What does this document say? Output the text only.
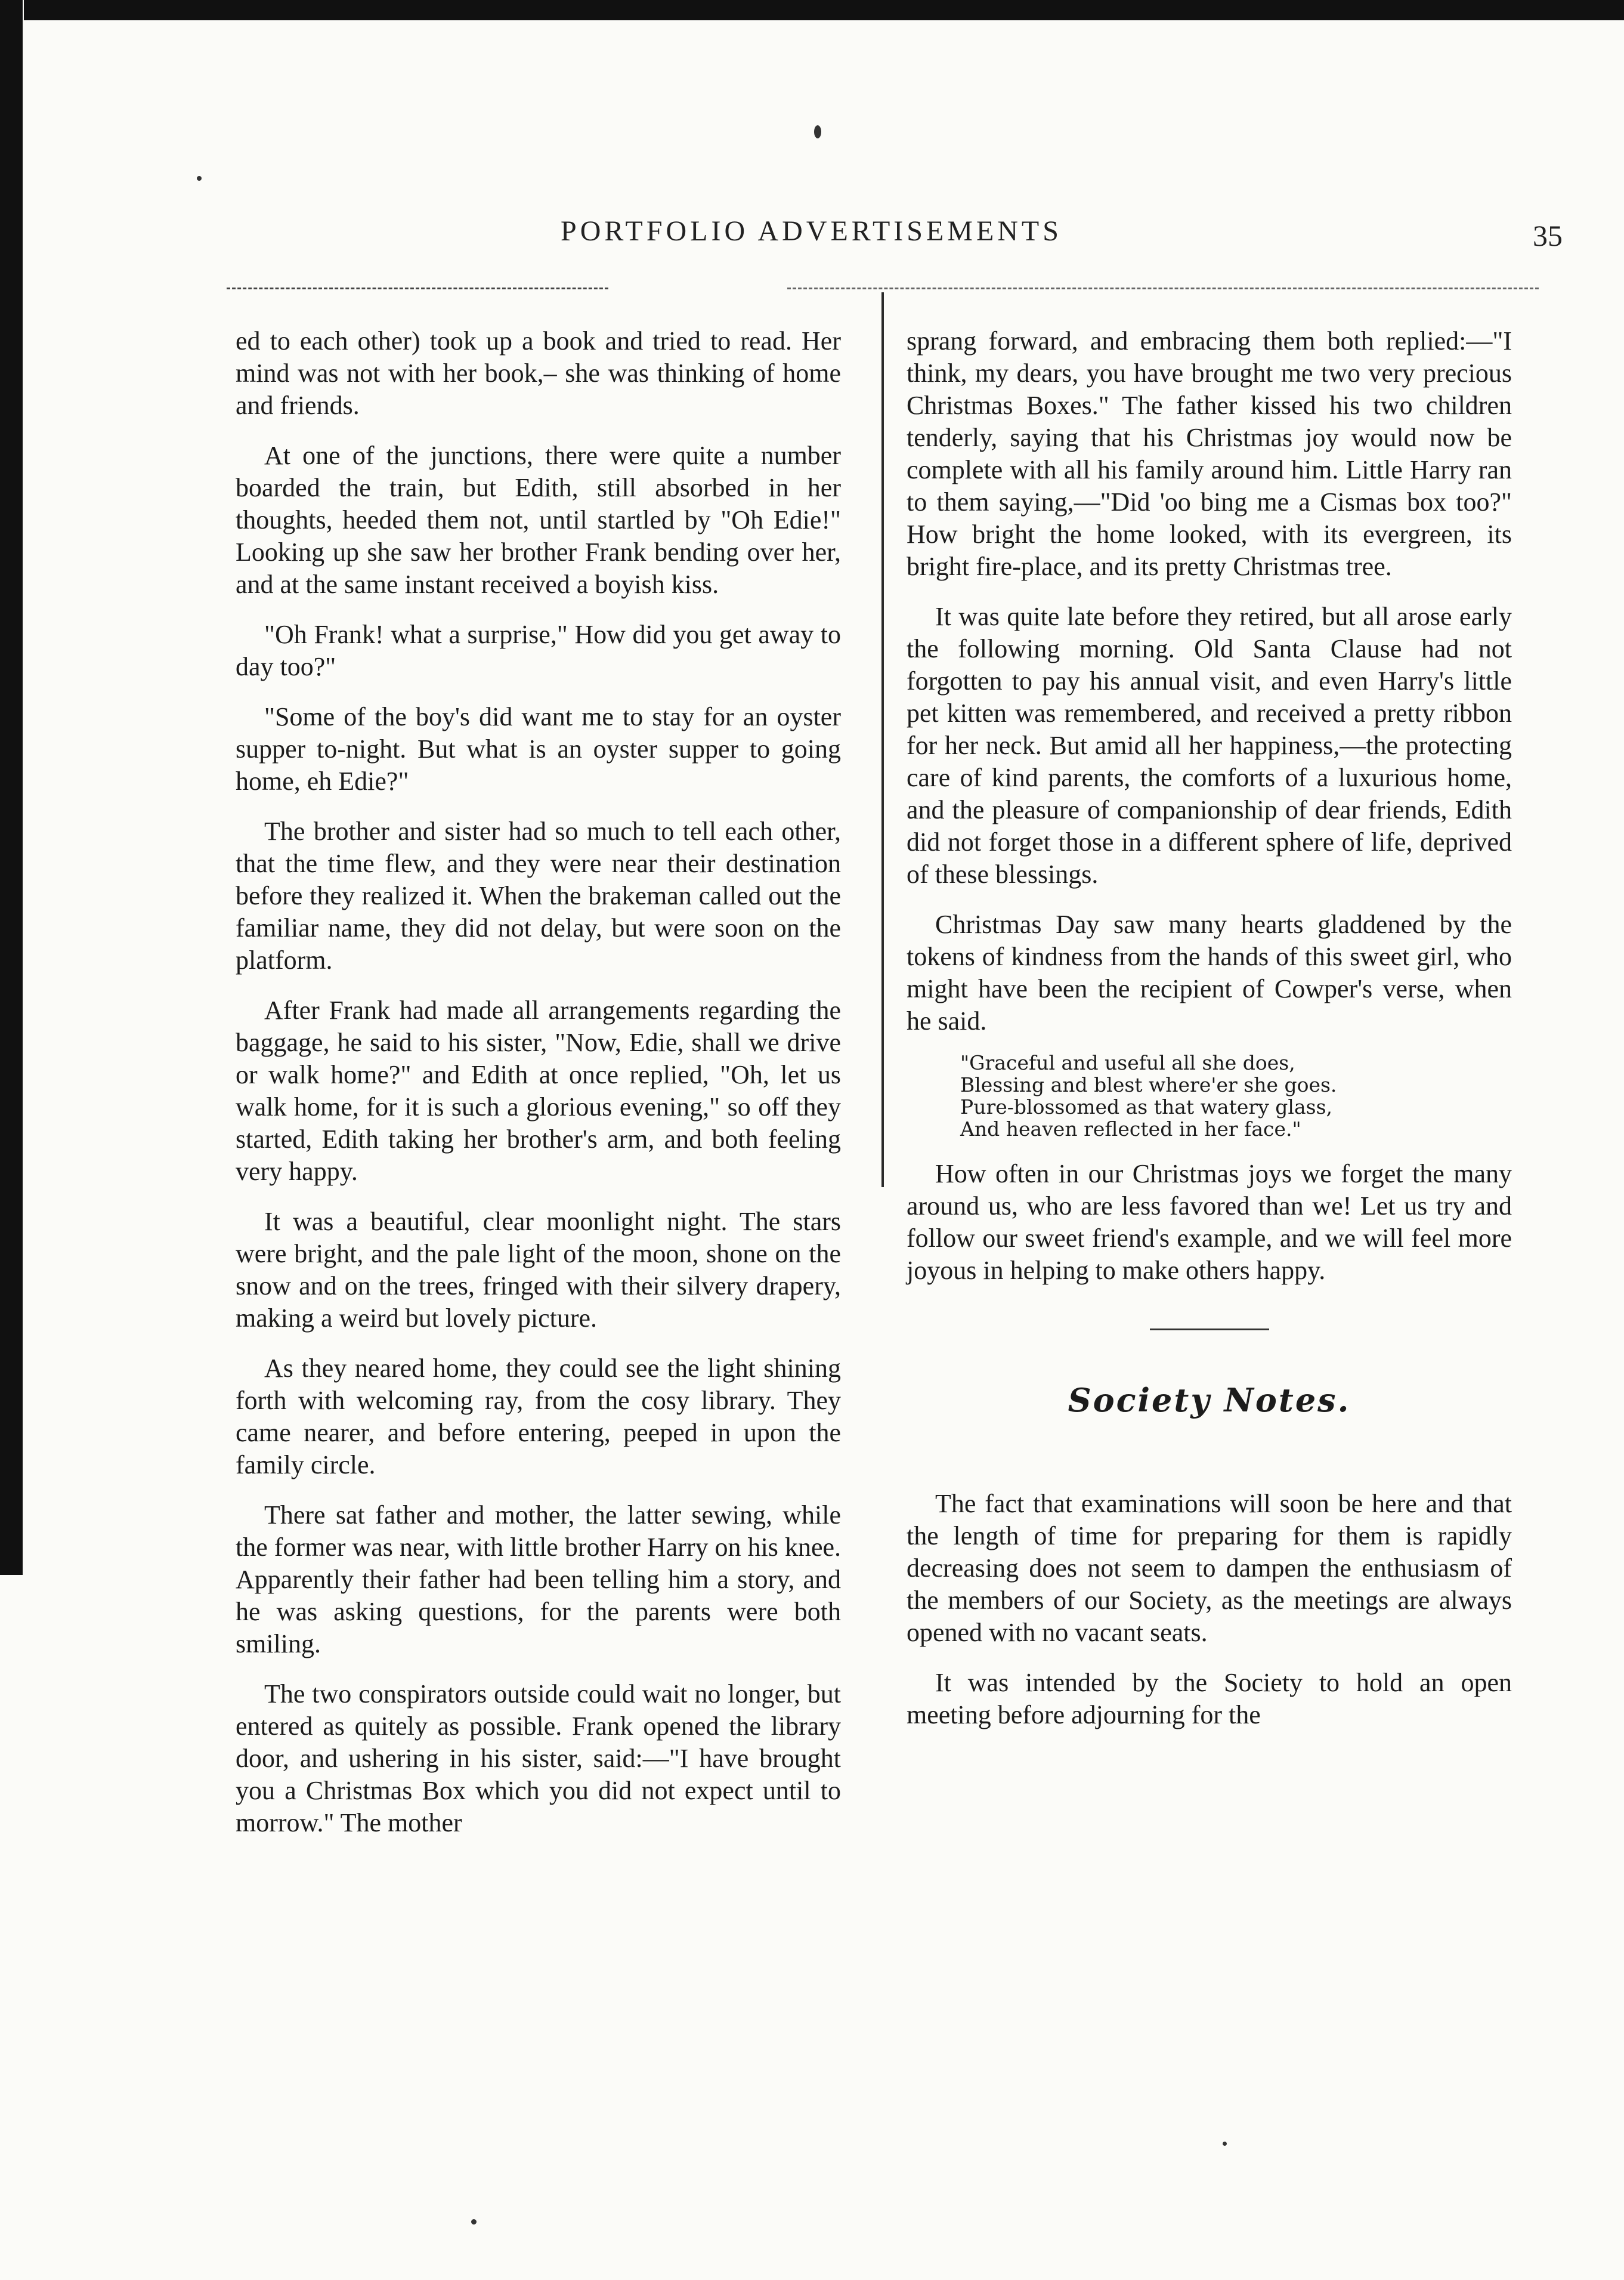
PORTFOLIO ADVERTISEMENTS	35

ed to each other) took up a book and tried to read. Her mind was not with her book,– she was thinking of home and friends.

At one of the junctions, there were quite a number boarded the train, but Edith, still absorbed in her thoughts, heeded them not, until startled by "Oh Edie!" Looking up she saw her brother Frank bending over her, and at the same instant received a boyish kiss.

"Oh Frank! what a surprise," How did you get away to day too?"

"Some of the boy's did want me to stay for an oyster supper to-night. But what is an oyster supper to going home, eh Edie?"

The brother and sister had so much to tell each other, that the time flew, and they were near their destination before they realized it. When the brakeman called out the familiar name, they did not delay, but were soon on the platform.

After Frank had made all arrangements regarding the baggage, he said to his sister, "Now, Edie, shall we drive or walk home?" and Edith at once replied, "Oh, let us walk home, for it is such a glorious evening," so off they started, Edith taking her brother's arm, and both feeling very happy.

It was a beautiful, clear moonlight night. The stars were bright, and the pale light of the moon, shone on the snow and on the trees, fringed with their silvery drapery, making a weird but lovely picture.

As they neared home, they could see the light shining forth with welcoming ray, from the cosy library. They came nearer, and before entering, peeped in upon the family circle.

There sat father and mother, the latter sewing, while the former was near, with little brother Harry on his knee. Apparently their father had been telling him a story, and he was asking questions, for the parents were both smiling.

The two conspirators outside could wait no longer, but entered as quitely as possible. Frank opened the library door, and ushering in his sister, said:—"I have brought you a Christmas Box which you did not expect until to morrow." The mother

sprang forward, and embracing them both replied:—"I think, my dears, you have brought me two very precious Christmas Boxes." The father kissed his two children tenderly, saying that his Christmas joy would now be complete with all his family around him. Little Harry ran to them saying,—"Did 'oo bing me a Cismas box too?" How bright the home looked, with its evergreen, its bright fire-place, and its pretty Christmas tree.

It was quite late before they retired, but all arose early the following morning. Old Santa Clause had not forgotten to pay his annual visit, and even Harry's little pet kitten was remembered, and received a pretty ribbon for her neck. But amid all her happiness,—the protecting care of kind parents, the comforts of a luxurious home, and the pleasure of companionship of dear friends, Edith did not forget those in a different sphere of life, deprived of these blessings.

Christmas Day saw many hearts gladdened by the tokens of kindness from the hands of this sweet girl, who might have been the recipient of Cowper's verse, when he said.

"Graceful and useful all she does,
Blessing and blest where'er she goes.
Pure-blossomed as that watery glass,
And heaven reflected in her face."

How often in our Christmas joys we forget the many around us, who are less favored than we! Let us try and follow our sweet friend's example, and we will feel more joyous in helping to make others happy.

Society Notes.

The fact that examinations will soon be here and that the length of time for preparing for them is rapidly decreasing does not seem to dampen the enthusiasm of the members of our Society, as the meetings are always opened with no vacant seats.

It was intended by the Society to hold an open meeting before adjourning for the
